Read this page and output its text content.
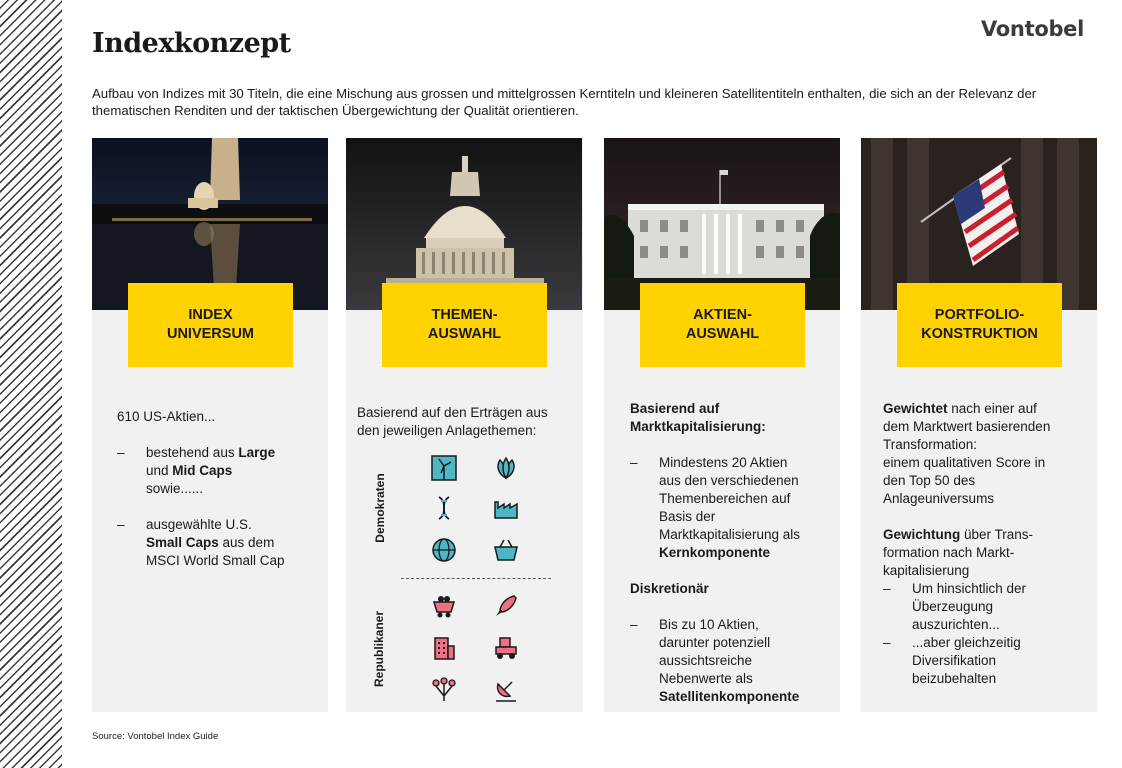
Indexkonzept	Vontobel

Aufbau von Indizes mit 30 Titeln, die eine Mischung aus grossen und mittelgrossen Kerntiteln und kleineren Satellitentiteln enthalten, die sich an der Relevanz der thematischen Renditen und der taktischen Übergewichtung der Qualität orientieren.

INDEX
UNIVERSUM

610 US-Aktien...

–	bestehend aus Large
und Mid Caps
sowie......
–	ausgewählte U.S.
Small Caps aus dem
MSCI World Small Cap
THEMEN-
AUSWAHL

Basierend auf den Erträgen aus

den jeweiligen Anlagethemen:

Demokraten
Republikaner
AKTIEN-
AUSWAHL

Basierend auf

Marktkapitalisierung:

–	Mindestens 20 Aktien
aus den verschiedenen
Themenbereichen auf
Basis der
Marktkapitalisierung als
Kernkomponente

Diskretionär

–	Bis zu 10 Aktien,
darunter potenziell
aussichtsreiche
Nebenwerte als
Satellitenkomponente
PORTFOLIO-
KONSTRUKTION

Gewichtet nach einer auf

dem Marktwert basierenden

Transformation:

einem qualitativen Score in

den Top 50 des

Anlageuniversums

Gewichtung über Trans-

formation nach Markt-

kapitalisierung

–	Um hinsichtlich der
Überzeugung
auszurichten...
–	...aber gleichzeitig
Diversifikation
beizubehalten
Source: Vontobel Index Guide
